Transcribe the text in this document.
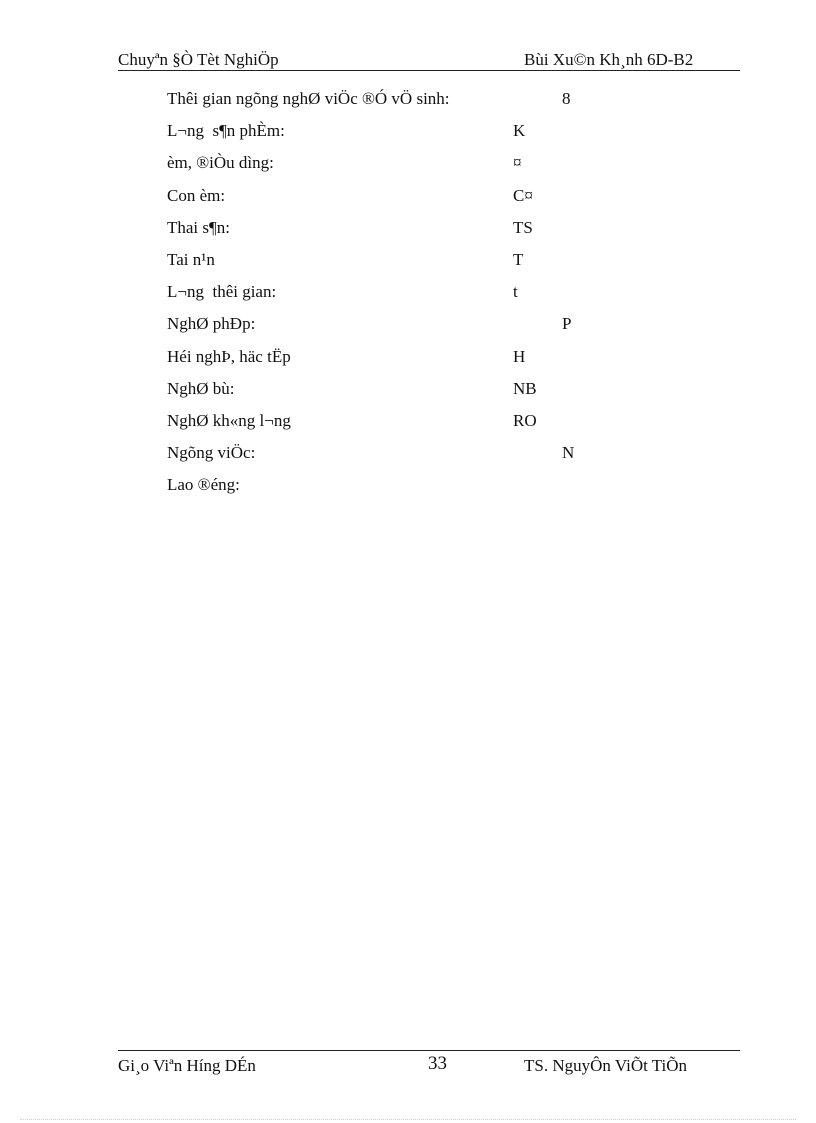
Chuyªn §Ò Tèt NghiÖp	Bùi Xu©n Kh¸nh 6D-B2
Thêi gian ngõng nghØ viÖc ®Ó vÖ sinh:	8
L¬ng  s¶n phÈm:	K
èm, ®iÒu dìng:	¤
Con èm:	C¤
Thai s¶n:	TS
Tai n¹n	T
L¬ng  thêi gian:	t
NghØ phÐp:	P
Héi nghÞ, häc tËp	H
NghØ bù:	NB
NghØ kh«ng l¬ng	RO
Ngõng viÖc:	N
Lao ®éng:
Gi¸o Viªn Híng DÉn	33	TS. NguyÔn ViÕt TiÕn
